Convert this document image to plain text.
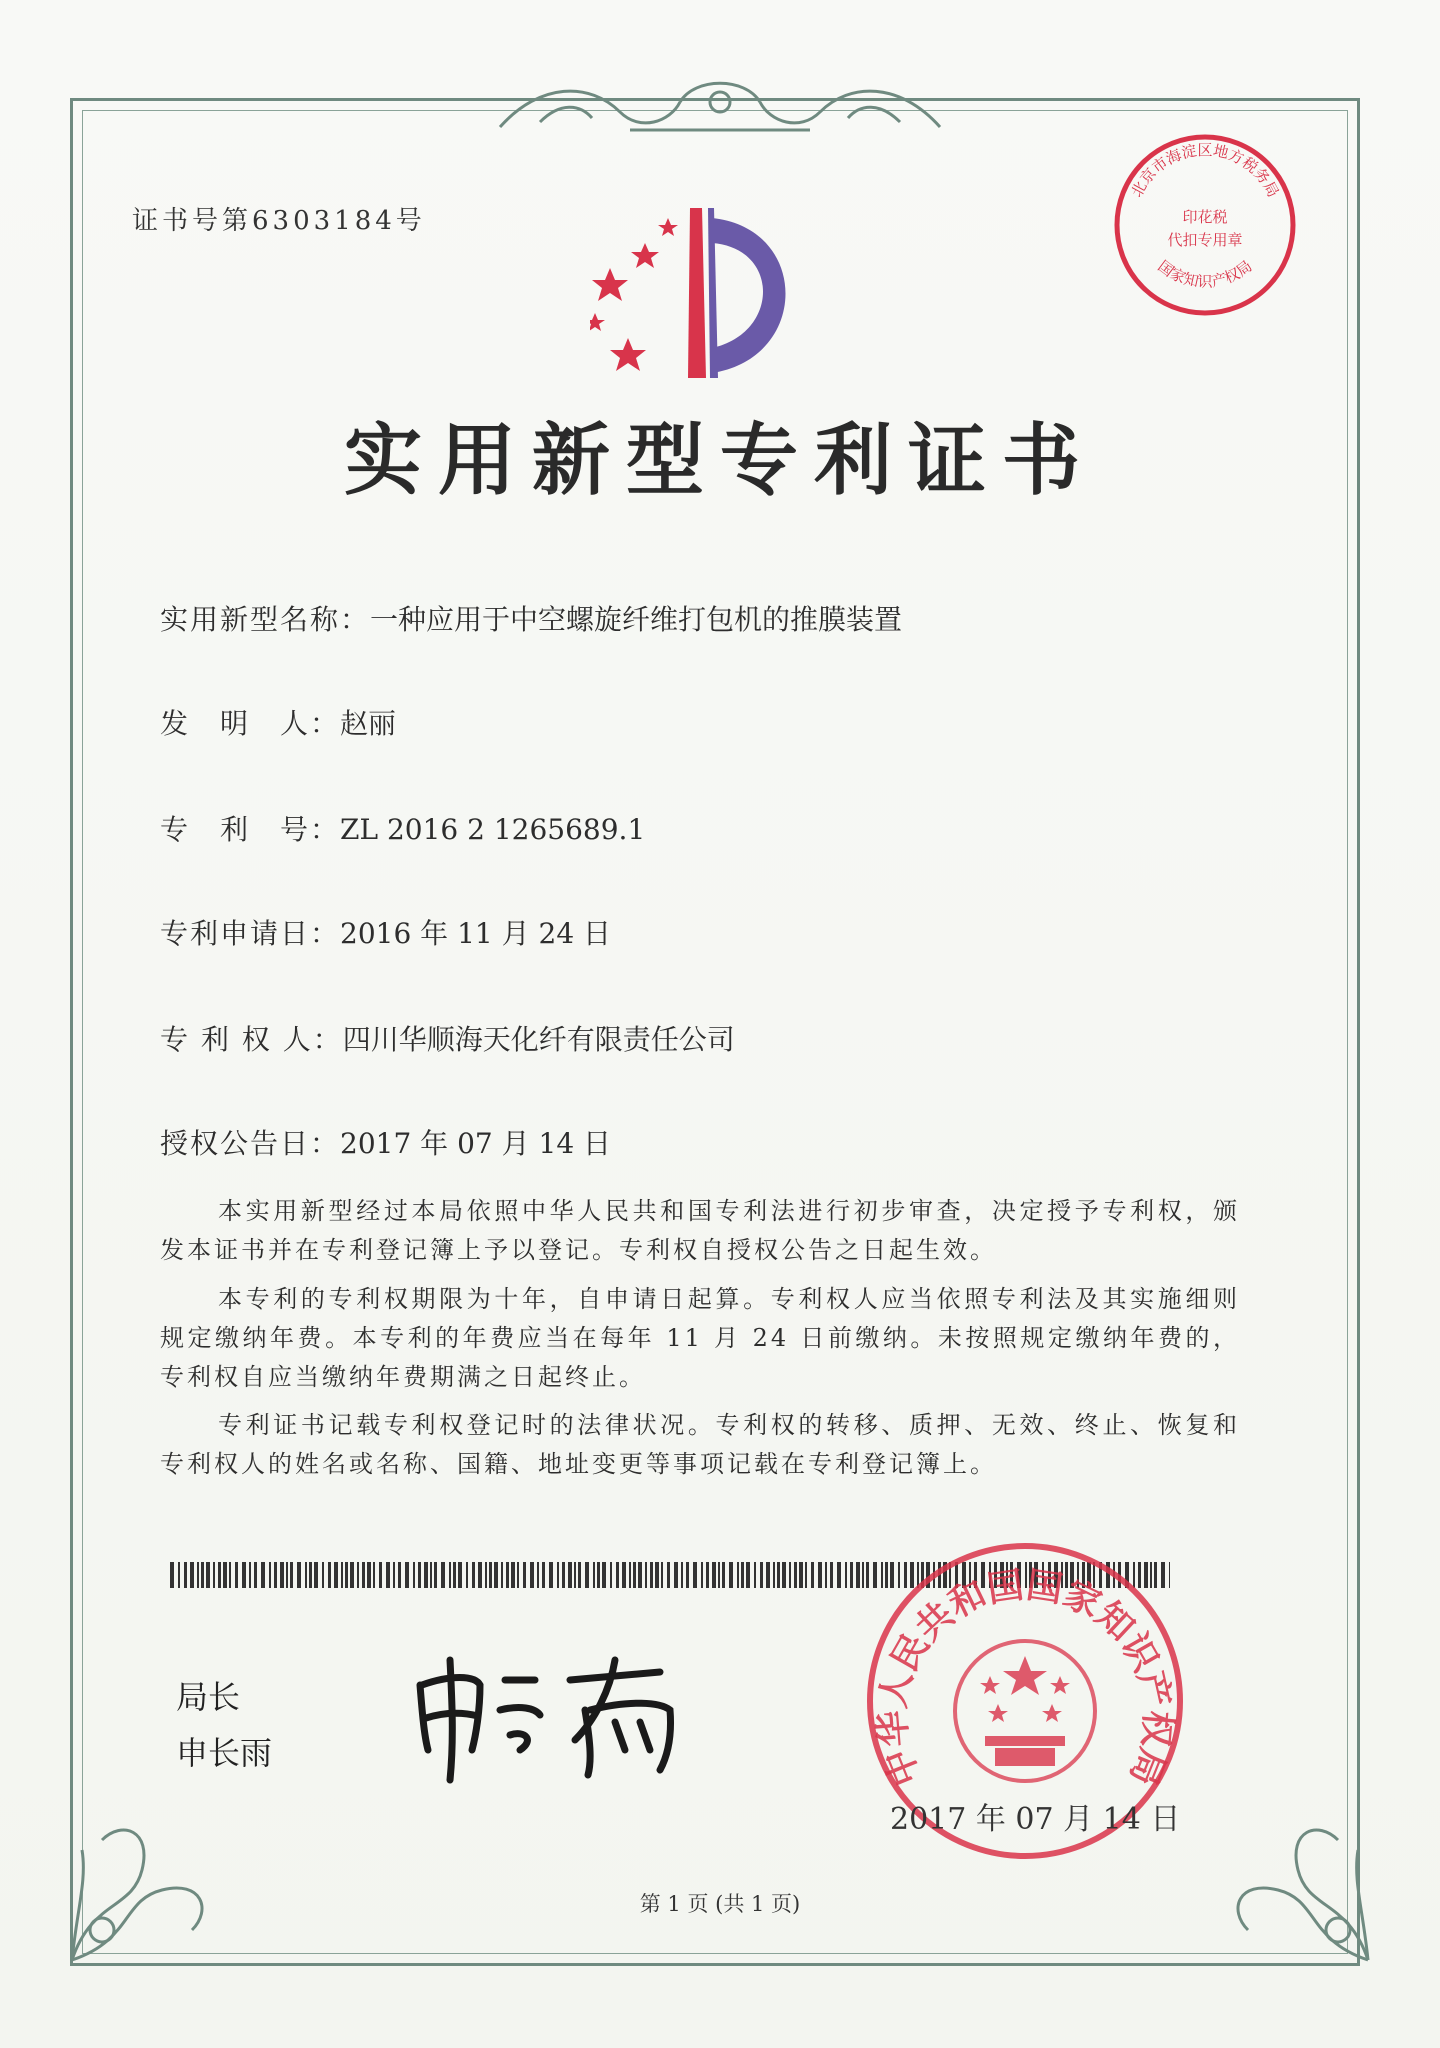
证书号第6303184号
北京市海淀区地方税务局
印花税
代扣专用章
国家知识产权局
实用新型专利证书
实用新型名称：一种应用于中空螺旋纤维打包机的推膜装置
发　明　人：赵丽
专　利　号：ZL 2016 2 1265689.1
专利申请日：2016 年 11 月 24 日
专 利 权 人：四川华顺海天化纤有限责任公司
授权公告日：2017 年 07 月 14 日
本实用新型经过本局依照中华人民共和国专利法进行初步审查，决定授予专利权，颁发本证书并在专利登记簿上予以登记。专利权自授权公告之日起生效。
本专利的专利权期限为十年，自申请日起算。专利权人应当依照专利法及其实施细则规定缴纳年费。本专利的年费应当在每年 11 月 24 日前缴纳。未按照规定缴纳年费的，专利权自应当缴纳年费期满之日起终止。
专利证书记载专利权登记时的法律状况。专利权的转移、质押、无效、终止、恢复和专利权人的姓名或名称、国籍、地址变更等事项记载在专利登记簿上。
局长
申长雨	中华人民共和国国家知识产权局
2017 年 07 月 14 日
第 1 页 (共 1 页)
